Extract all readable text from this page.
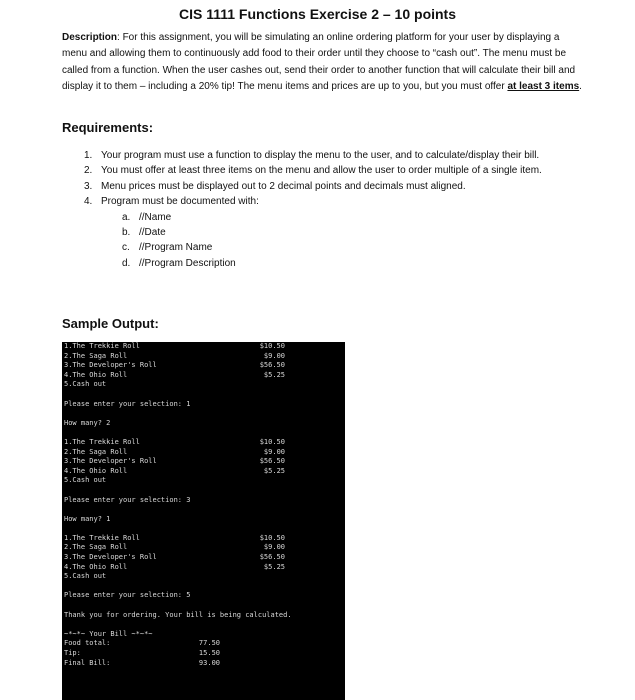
CIS 1111 Functions Exercise 2 – 10 points
Description: For this assignment, you will be simulating an online ordering platform for your user by displaying a menu and allowing them to continuously add food to their order until they choose to “cash out”. The menu must be called from a function. When the user cashes out, send their order to another function that will calculate their bill and display it to them – including a 20% tip! The menu items and prices are up to you, but you must offer at least 3 items.
Requirements:
1. Your program must use a function to display the menu to the user, and to calculate/display their bill.
2. You must offer at least three items on the menu and allow the user to order multiple of a single item.
3. Menu prices must be displayed out to 2 decimal points and decimals must aligned.
4. Program must be documented with:
a. //Name
b. //Date
c. //Program Name
d. //Program Description
Sample Output:
1.The Trekkie Roll	$10.50
2.The Saga Roll	$9.00
3.The Developer's Roll	$56.50
4.The Ohio Roll	$5.25
5.Cash out
Please enter your selection: 1
How many? 2
1.The Trekkie Roll	$10.50
2.The Saga Roll	$9.00
3.The Developer's Roll	$56.50
4.The Ohio Roll	$5.25
5.Cash out
Please enter your selection: 3
How many? 1
1.The Trekkie Roll	$10.50
2.The Saga Roll	$9.00
3.The Developer's Roll	$56.50
4.The Ohio Roll	$5.25
5.Cash out
Please enter your selection: 5
Thank you for ordering. Your bill is being calculated.
~*~*~ Your Bill ~*~*~
Food total:	77.50
Tip:	15.50
Final Bill:	93.00
